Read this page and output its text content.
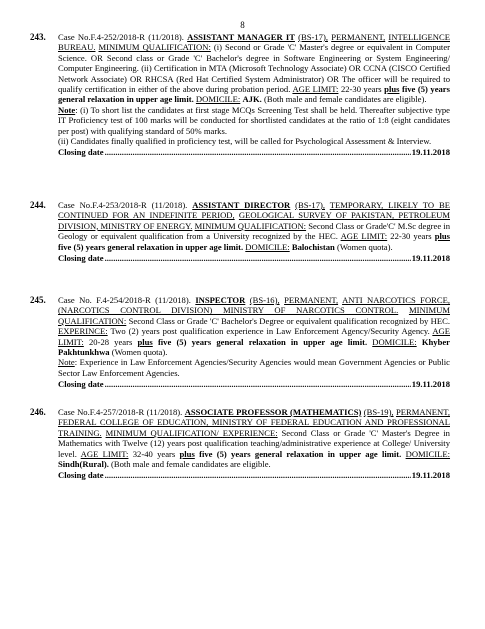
8
243.	Case No.F.4-252/2018-R (11/2018). ASSISTANT MANAGER IT (BS-17), PERMANENT, INTELLIGENCE BUREAU. MINIMUM QUALIFICATION: (i) Second or Grade 'C' Master's degree or equivalent in Computer Science. OR Second class or Grade 'C' Bachelor's degree in Software Engineering or System Engineering/ Computer Engineering. (ii) Certification in MTA (Microsoft Technology Associate) OR CCNA (CISCO Certified Network Associate) OR RHCSA (Red Hat Certified System Administrator) OR The officer will be required to qualify certification in either of the above during probation period. AGE LIMIT: 22-30 years plus five (5) years general relaxation in upper age limit. DOMICILE: AJK. (Both male and female candidates are eligible).

Note: (i) To short list the candidates at first stage MCQs Screening Test shall be held. Thereafter subjective type IT Proficiency test of 100 marks will be conducted for shortlisted candidates at the ratio of 1:8 (eight candidates per post) with qualifying standard of 50% marks.

(ii) Candidates finally qualified in proficiency test, will be called for Psychological Assessment & Interview.

Closing date .....	19.11.2018
244.	Case No.F.4-253/2018-R (11/2018). ASSISTANT DIRECTOR (BS-17), TEMPORARY, LIKELY TO BE CONTINUED FOR AN INDEFINITE PERIOD, GEOLOGICAL SURVEY OF PAKISTAN, PETROLEUM DIVISION, MINISTRY OF ENERGY. MINIMUM QUALIFICATION: Second Class or Grade'C' M.Sc degree in Geology or equivalent qualification from a University recognized by the HEC. AGE LIMIT: 22-30 years plus five (5) years general relaxation in upper age limit. DOMICILE: Balochistan (Women quota).

Closing date .....	19.11.2018
245.	Case No. F.4-254/2018-R (11/2018). INSPECTOR (BS-16), PERMANENT, ANTI NARCOTICS FORCE, (NARCOTICS CONTROL DIVISION) MINISTRY OF NARCOTICS CONTROL. MINIMUM QUALIFICATION: Second Class or Grade 'C' Bachelor's Degree or equivalent qualification recognized by HEC. EXPERINCE: Two (2) years post qualification experience in Law Enforcement Agency/Security Agency. AGE LIMIT: 20-28 years plus five (5) years general relaxation in upper age limit. DOMICILE: Khyber Pakhtunkhwa (Women quota).

Note: Experience in Law Enforcement Agencies/Security Agencies would mean Government Agencies or Public Sector Law Enforcement Agencies.

Closing date .....	19.11.2018
246.	Case No.F.4-257/2018-R (11/2018). ASSOCIATE PROFESSOR (MATHEMATICS) (BS-19), PERMANENT, FEDERAL COLLEGE OF EDUCATION, MINISTRY OF FEDERAL EDUCATION AND PROFESSIONAL TRAINING. MINIMUM QUALIFICATION/ EXPERIENCE: Second Class or Grade 'C' Master's Degree in Mathematics with Twelve (12) years post qualification teaching/administrative experience at College/ University level. AGE LIMIT: 32-40 years plus five (5) years general relaxation in upper age limit. DOMICILE: Sindh(Rural). (Both male and female candidates are eligible.

Closing date .....	19.11.2018
